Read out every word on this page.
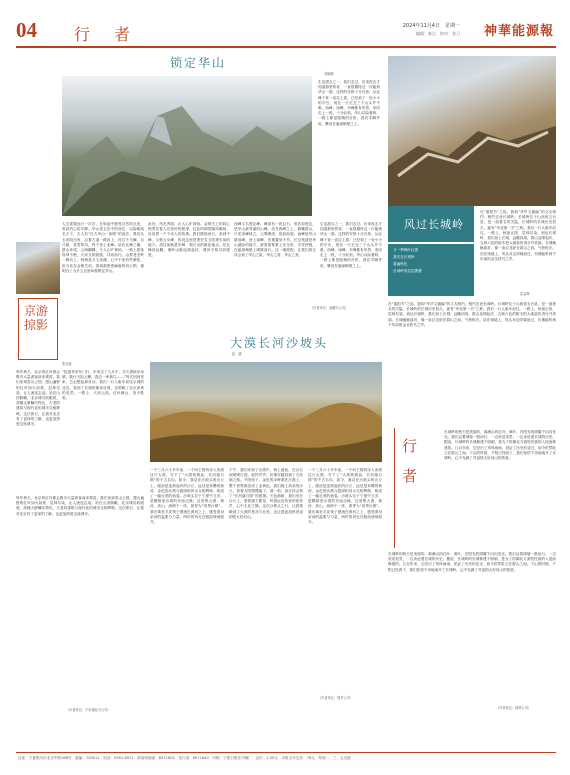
04 行　者	2024年11月4日　星期一
编辑：陈点　校对：张卫 神華能源報
锁定华山
刘晓静
生活甜点之一，我们去过，后来再去才知道那里的奇，一直很期待这一次能到华山一游。这样的安排十分巧妙，从北峰下来一直往上看，已经到了一处小小的平台，现在一天走完三个山头并不难，西峰、南峰，东峰都有风景，来回走上一段，十分轻松。华山以险著称，一路上都是陡峭的台阶，我们手脚并用，攀登在悬崖峭壁之上。
人生需要远行一次次，在旅途中感受自然的壮美，收获内心的平静。华山是五岳中的西岳，以险峻闻名天下，古人有“自古华山一条路”的说法。我们从玉泉院出发，沿着古道一路向上，经过千尺幢、百尺峡、老君犁沟，终于登上北峰。站在北峰之巅，群山环绕，云海翻腾，令人心旷神怡。一路上游客络绎不绝，大家互相鼓励，共同前行。沿着苍龙岭一路向上，两侧是万丈深渊，心中不免有些紧张，但当站在金锁关前，看到那密密麻麻的同心锁，便明白了为什么这里叫做锁定华山。
此处，风光秀丽，让人心旷神怡。金锁关上的同心锁寄托着人们美好的愿望，红色的绸带随风飘扬，诉说着一个个动人的故事。我们继续前行，来到中峰，又称玉女峰，传说这里是萧史弄玉吹箫引凤的地方。再往前就是东峰，观日出的最佳地点。站在峰顶远眺，秦岭山脉连绵起伏，渭河平原尽收眼底。
西峰又名莲花峰，峰顶有一块巨石，形状如莲花，是华山最秀丽的山峰。站在西峰之上，俯瞰群山，只见奇峰林立，云雾缭绕，宛如仙境。南峰是华山最高峰，登上南峰，仿佛置身天外。长空栈道是华山最险的地方，游客需要系上安全带，手扶铁链，在悬崖峭壁上缓缓前行。这一趟旅程，让我们真正体会到了华山之险、华山之奇、华山之美。
生活甜点之一，我们去过，后来再去才知道那里的奇，一直很期待这一次能到华山一游。这样的安排十分巧妙，从北峰下来一直往上看，已经到了一处小小的平台，现在一天走完三个山头并不难，西峰、南峰，东峰都有风景，来回走上一段，十分轻松。华山以险著称，一路上都是陡峭的台阶，我们手脚并用，攀登在悬崖峭壁之上。
（作者单位：西藏分公司）
京游掠影
张志敏
“投道采采东门行，东来过了九月中，寻天俱缺朵朵晴，数行天际云横，我去一串黄鸟……”每次回到老家，总会想起那首诗。我们一行人驱车前往京城的北边，看到了长城的雄伟壮观，也领略了北京深秋的美景。一路上，天高云淡，红叶满山，美不胜收。
每年秋天，北京的红叶都会吸引大量游客前来观赏。我们来到香山公园，漫山遍野的红叶如火如荼，层林尽染，让人流连忘返。站在山顶俯瞰，北京城尽收眼底，高楼大厦鳞次栉比，古老的建筑与现代化的城市交相辉映。这次旅行，让我对北京有了更深的了解，也更加热爱这座城市。
每年秋天，北京的红叶都会吸引大量游客前来观赏。我们来到香山公园，漫山遍野的红叶如火如荼，层林尽染，让人流连忘返。站在山顶俯瞰，北京城尽收眼底，高楼大厦鳞次栉比，古老的建筑与现代化的城市交相辉映。这次旅行，让我对北京有了更深的了解，也更加热爱这座城市。
（作者单位：宁东煤业分公司）
大漠长河沙坡头
赵　斌
一个三月六十多年前，一个叫王维的诗人来到这片大漠，写下了“大漠孤烟直，长河落日圆”的千古名句。如今，我站在沙坡头的沙丘上，眼前是连绵起伏的沙丘，远处是奔腾的黄河，金色的沙漠与碧绿的河水交相辉映，构成了一幅壮美的画卷。沙坡头位于宁夏中卫市，是腾格里沙漠的东南边缘，这里集大漠、黄河、高山、绿洲于一体，被誉为“世界沙都”。我们乘坐羊皮筏子漂流在黄河之上，感受着母亲河的温柔与力量，两岸的风光在眼前徐徐展开。
下午，我们来到了沙漠中，骑上骆驼，在沙丘间缓缓行进。驼铃声声，仿佛穿越回到了古丝绸之路。夕阳西下，金色的余晖洒在沙漠上，整个世界都变成了金黄色。我们爬上高高的沙丘，看着太阳慢慢落下，那一刻，真正体会到了“长河落日圆”的意境。天色渐暗，我们坐在沙丘上，望着满天繁星，听着远处传来的驼铃声，心中无比宁静。这次沙坡头之行，让我领略到了大漠的苍凉与壮美，也让我更加热爱祖国的大好河山。
一个三月六十多年前，一个叫王维的诗人来到这片大漠，写下了“大漠孤烟直，长河落日圆”的千古名句。如今，我站在沙坡头的沙丘上，眼前是连绵起伏的沙丘，远处是奔腾的黄河，金色的沙漠与碧绿的河水交相辉映，构成了一幅壮美的画卷。沙坡头位于宁夏中卫市，是腾格里沙漠的东南边缘，这里集大漠、黄河、高山、绿洲于一体，被誉为“世界沙都”。我们乘坐羊皮筏子漂流在黄河之上，感受着母亲河的温柔与力量，两岸的风光在眼前徐徐展开。
（作者单位：国华公司）
风过长城岭
又一季枫叶红透
我们在长城岭
看遍秋色
长城岭的层层叠叠
雷金辉
在“重阳节”之际，我和“华声文摘编”的文友相约，相约去登长城岭。长城岭位于山西省五台县，是一道著名的关隘，长城岭的长城历史悠久，素有“华北第一关”之称。我们一行人驱车前往，一路上，秋意正浓，层林尽染。到达长城岭，我们登上长城，远眺四周，群山连绵起伏，五颜六色的树木把大地装扮得分外美丽。长城蜿蜒曲折，像一条巨龙卧在群山之间，气势恢宏。站在城墙上，风从耳边呼啸而过，仿佛能听到千年前的金戈铁马之声。
在“重阳节”之际，我和“华声文摘编”的文友相约，相约去登长城岭。长城岭位于山西省五台县，是一道著名的关隘，长城岭的长城历史悠久，素有“华北第一关”之称。我们一行人驱车前往，一路上，秋意正浓，层林尽染。到达长城岭，我们登上长城，远眺四周，群山连绵起伏，五颜六色的树木把大地装扮得分外美丽。长城蜿蜒曲折，像一条巨龙卧在群山之间，气势恢宏。站在城墙上，风从耳边呼啸而过，仿佛能听到千年前的金戈铁马之声。
行　者
长城岭的秋天是美丽的，那满山的红叶、黄叶，在阳光的照耀下闪闪发光。我们沿着城墙一路前行，一边欣赏美景，一边谈论着长城的历史。据说，长城岭的长城修建于明朝，是为了防御北方游牧民族的入侵而修建的。几百年来，它经历了风风雨雨，见证了历史的变迁，如今依然屹立在群山之间。下山的时候，夕阳已经西下，我们依依不舍地离开了长城岭，心中充满了对祖国大好河山的热爱。
长城岭的秋天是美丽的，那满山的红叶、黄叶，在阳光的照耀下闪闪发光。我们沿着城墙一路前行，一边欣赏美景，一边谈论着长城的历史。据说，长城岭的长城修建于明朝，是为了防御北方游牧民族的入侵而修建的。几百年来，它经历了风风雨雨，见证了历史的变迁，如今依然屹立在群山之间。下山的时候，夕阳已经西下，我们依依不舍地离开了长城岭，心中充满了对祖国大好河山的热爱。
（作者单位：国神公司）
社址：宁夏银川市北京中路168号　邮编：750011　电话：0951-6971　新闻采编部：6971602　发行部：6971640　印刷：宁夏日报社印刷厂　定价：1.50元　本报全年定价：78元　每周一、三、五出版
